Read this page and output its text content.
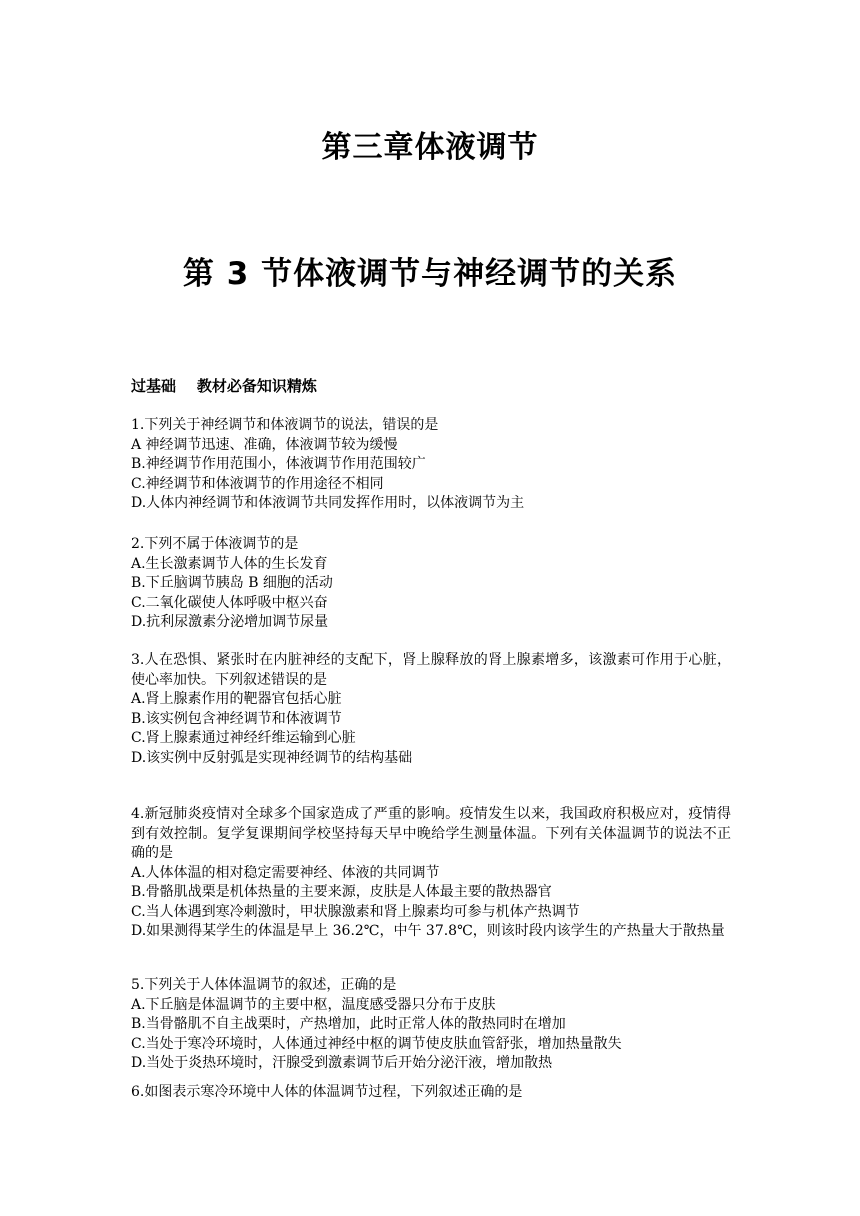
第三章体液调节
第 3 节体液调节与神经调节的关系
过基础    教材必备知识精炼
1.下列关于神经调节和体液调节的说法，错误的是
A 神经调节迅速、准确，体液调节较为缓慢
B.神经调节作用范围小，体液调节作用范围较广
C.神经调节和体液调节的作用途径不相同
D.人体内神经调节和体液调节共同发挥作用时，以体液调节为主
2.下列不属于体液调节的是
A.生长激素调节人体的生长发育
B.下丘脑调节胰岛 B 细胞的活动
C.二氧化碳使人体呼吸中枢兴奋
D.抗利尿激素分泌增加调节尿量
3.人在恐惧、紧张时在内脏神经的支配下，肾上腺释放的肾上腺素增多，该激素可作用于心脏，使心率加快。下列叙述错误的是
A.肾上腺素作用的靶器官包括心脏
B.该实例包含神经调节和体液调节
C.肾上腺素通过神经纤维运输到心脏
D.该实例中反射弧是实现神经调节的结构基础
4.新冠肺炎疫情对全球多个国家造成了严重的影响。疫情发生以来，我国政府积极应对，疫情得到有效控制。复学复课期间学校坚持每天早中晚给学生测量体温。下列有关体温调节的说法不正确的是
A.人体体温的相对稳定需要神经、体液的共同调节
B.骨骼肌战栗是机体热量的主要来源，皮肤是人体最主要的散热器官
C.当人体遇到寒冷刺激时，甲状腺激素和肾上腺素均可参与机体产热调节
D.如果测得某学生的体温是早上 36.2℃，中午 37.8℃，则该时段内该学生的产热量大于散热量
5.下列关于人体体温调节的叙述，正确的是
A.下丘脑是体温调节的主要中枢，温度感受器只分布于皮肤
B.当骨骼肌不自主战栗时，产热增加，此时正常人体的散热同时在增加
C.当处于寒冷环境时，人体通过神经中枢的调节使皮肤血管舒张，增加热量散失
D.当处于炎热环境时，汗腺受到激素调节后开始分泌汗液，增加散热
6.如图表示寒冷环境中人体的体温调节过程，下列叙述正确的是
